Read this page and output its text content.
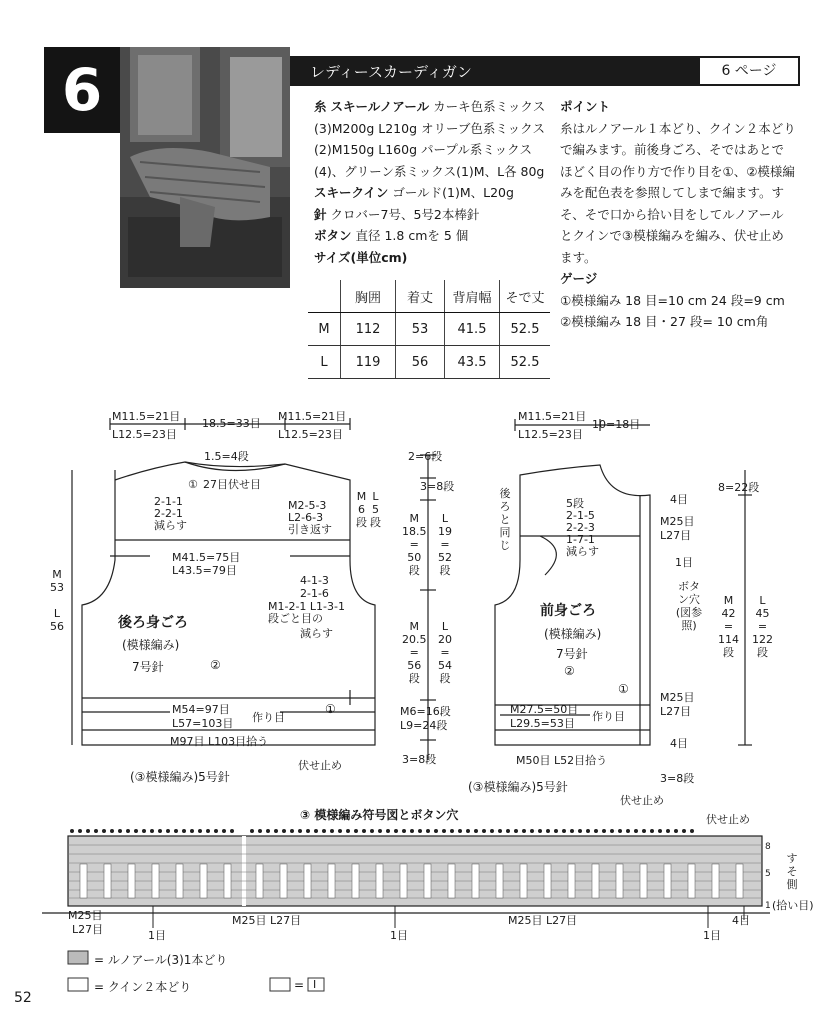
6	レディースカーディガン	6 ページ
糸 スキールノアール カーキ色系ミックス(3)M200g L210g オリーブ色系ミックス(2)M150g L160g パープル系ミックス(4)、グリーン系ミックス(1)M、L各 80g スキークイン ゴールド(1)M、L20g
針 クロバー7号、5号2本棒針
ボタン 直径 1.8 cmを 5 個
サイズ(単位cm)
	胸囲	着丈	背肩幅	そで丈
M	112	53	41.5	52.5
L	119	56	43.5	52.5
ポイント
糸はルノアール１本どり、クイン２本どりで編みます。前後身ごろ、そではあとでほどく目の作り方で作り目を①、②模様編みを配色表を参照してしまで編ます。すそ、そで口から拾い目をしてルノアールとクインで③模様編みを編み、伏せ止めます。
ゲージ
①模様編み 18 目=10 cm 24 段=9 cm
②模様編み 18 目・27 段= 10 cm角
M11.5=21目
L12.5=23目
18.5=33目
M11.5=21目
L12.5=23目
1.5=4段
① 27目伏せ目
2-1-1
2-2-1
減らす
M2-5-3
L2-6-3
引き返す
M
6
段
L
5
段
M41.5=75目
L43.5=79目
4-1-3
2-1-6
M1-2-1 L1-3-1
段ごと目の
減らす
M
53

L
56	後ろ身ごろ
(模様編み)
7号針	②
①
M54=97目
L57=103目 作り目
M97目 L103目拾う
(③模様編み)5号針
伏せ止め
2=6段
3=8段
M
18.5
=
50
段
L
19
=
52
段
M
20.5
=
56
段
L
20
=
54
段
M6=16段
L9=24段
3=8段
M11.5=21目
L12.5=23目
10=18目
後ろと同じ
5段
2-1-5
2-2-3
1-7-1
減らす
4目
M25目
L27目
1目
ボタン穴 (図参照)
8=22段
M
42
=
114
段
L
45
=
122
段
前身ごろ
(模様編み)
7号針
②
①
M27.5=50目
L29.5=53目
作り目
M25目
L27目
4目
M50目 L52目拾う
(③模様編み)5号針
3=8段
伏せ止め
③ 模様編み符号図とボタン穴	伏せ止め
8
5
1
すそ側
(拾い目)
M25目
L27目
M25目 L27目	M25目 L27目	4目
1目	1目	1目
= ルノアール(3)1本どり
= クイン２本どり	= I
52
